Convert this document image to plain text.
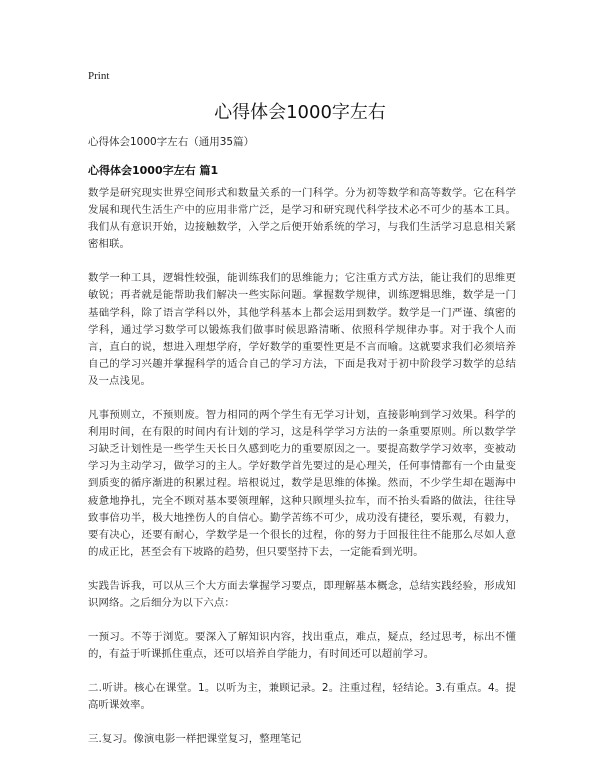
Print
心得体会1000字左右
心得体会1000字左右（通用35篇）
心得体会1000字左右 篇1

数学是研究现实世界空间形式和数量关系的一门科学。分为初等数学和高等数学。它在科学发展和现代生活生产中的应用非常广泛，是学习和研究现代科学技术必不可少的基本工具。我们从有意识开始，边接触数学，入学之后便开始系统的学习，与我们生活学习息息相关紧密相联。

数学一种工具，逻辑性较强，能训练我们的思维能力；它注重方式方法，能让我们的思维更敏锐；再者就是能帮助我们解决一些实际问题。掌握数学规律，训练逻辑思维，数学是一门基础学科，除了语言学科以外，其他学科基本上都会运用到数学。数学是一门严谨、缜密的学科，通过学习数学可以锻炼我们做事时候思路清晰、依照科学规律办事。对于我个人而言，直白的说，想进入理想学府，学好数学的重要性更是不言而喻。这就要求我们必须培养自己的学习兴趣并掌握科学的适合自己的学习方法，下面是我对于初中阶段学习数学的总结及一点浅见。

凡事预则立，不预则废。智力相同的两个学生有无学习计划，直接影响到学习效果。科学的利用时间，在有限的时间内有计划的学习，这是科学学习方法的一条重要原则。所以数学学习缺乏计划性是一些学生天长日久感到吃力的重要原因之一。要提高数学学习效率，变被动学习为主动学习，做学习的主人。学好数学首先要过的是心理关，任何事情都有一个由量变到质变的循序渐进的积累过程。培根说过，数学是思维的体操。然而，不少学生却在题海中疲惫地挣扎，完全不顾对基本要领理解，这种只顾埋头拉车，而不抬头看路的做法，往往导致事倍功半，极大地挫伤人的自信心。勤学苦练不可少，成功没有捷径，要乐观，有毅力，要有决心，还要有耐心，学数学是一个很长的过程，你的努力于回报往往不能那么尽如人意的成正比，甚至会有下坡路的趋势，但只要坚持下去，一定能看到光明。

实践告诉我，可以从三个大方面去掌握学习要点，即理解基本概念，总结实践经验，形成知识网络。之后细分为以下六点：

一预习。不等于浏览。要深入了解知识内容，找出重点，难点，疑点，经过思考，标出不懂的，有益于听课抓住重点，还可以培养自学能力，有时间还可以超前学习。

二.听讲。核心在课堂。1。以听为主，兼顾记录。2。注重过程，轻结论。3.有重点。4。提高听课效率。

三.复习。像演电影一样把课堂复习，整理笔记
